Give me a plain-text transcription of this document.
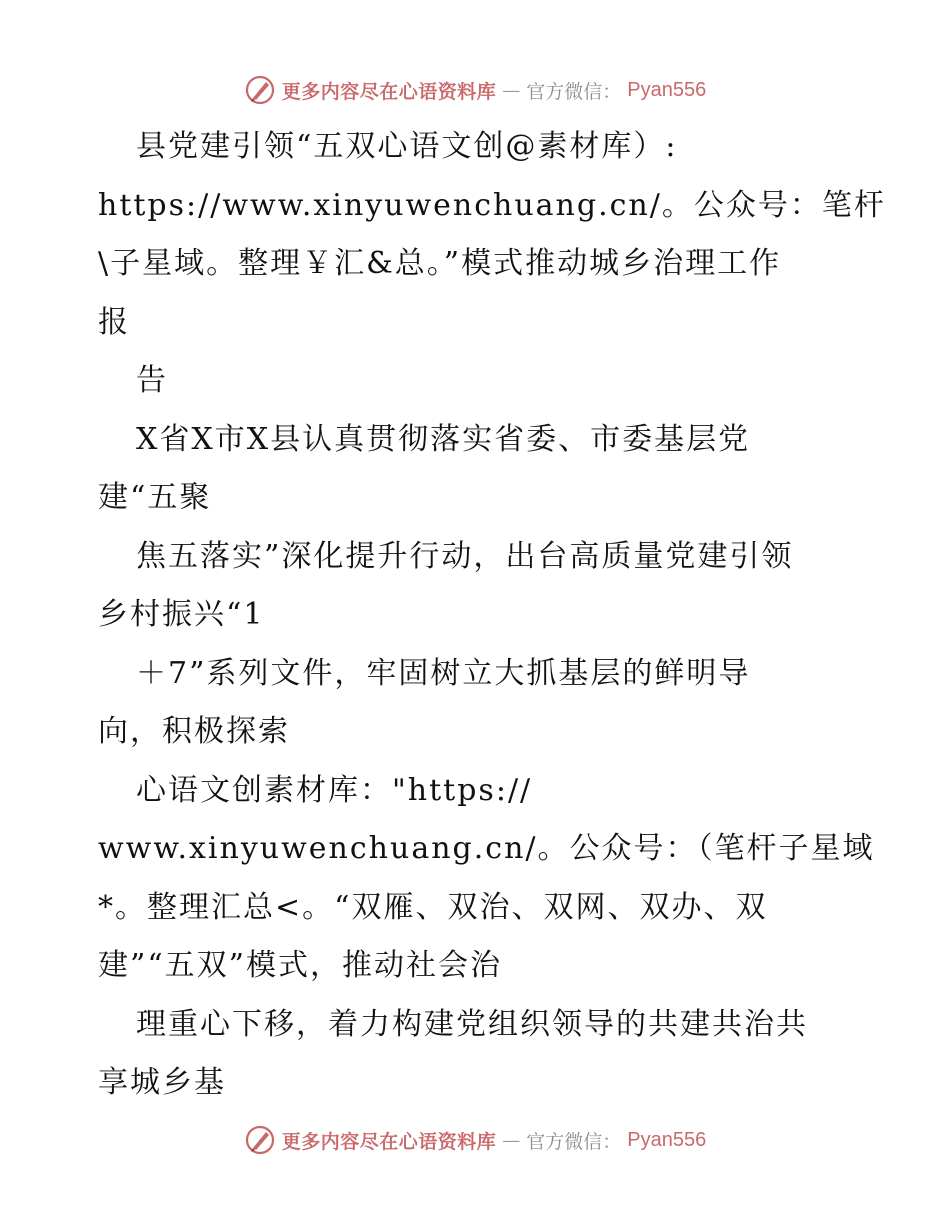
更多内容尽在心语资料库 — 官方微信： Pyan556
县党建引领“五双心语文创@素材库）:
https://www.xinyuwenchuang.cn/。公众号：笔杆
\子星域。整理￥汇&总。”模式推动城乡治理工作
报
告
X省X市X县认真贯彻落实省委、市委基层党
建“五聚
焦五落实”深化提升行动，出台高质量党建引领
乡村振兴“1
＋7”系列文件，牢固树立大抓基层的鲜明导
向，积极探索
心语文创素材库："https://
www.xinyuwenchuang.cn/。公众号：（笔杆子星域
*。整理汇总<。“双雁、双治、双网、双办、双
建”“五双”模式，推动社会治
理重心下移，着力构建党组织领导的共建共治共
享城乡基
更多内容尽在心语资料库 — 官方微信： Pyan556
